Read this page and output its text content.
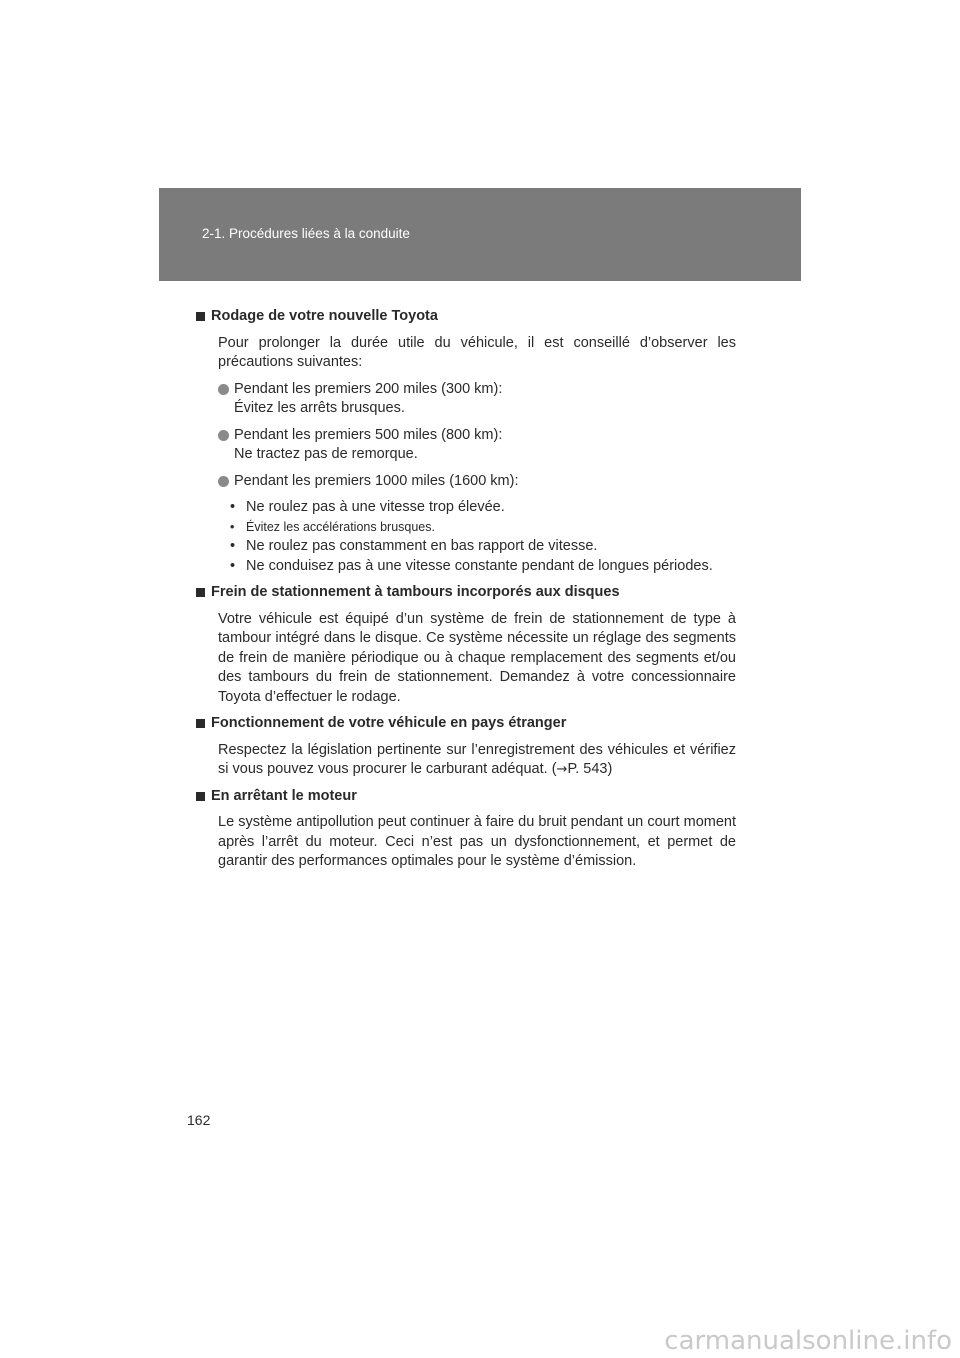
2-1. Procédures liées à la conduite
Rodage de votre nouvelle Toyota
Pour prolonger la durée utile du véhicule, il est conseillé d’observer les précautions suivantes:
Pendant les premiers 200 miles (300 km):
Évitez les arrêts brusques.
Pendant les premiers 500 miles (800 km):
Ne tractez pas de remorque.
Pendant les premiers 1000 miles (1600 km):
• Ne roulez pas à une vitesse trop élevée.
• Évitez les accélérations brusques.
• Ne roulez pas constamment en bas rapport de vitesse.
• Ne conduisez pas à une vitesse constante pendant de longues périodes.
Frein de stationnement à tambours incorporés aux disques
Votre véhicule est équipé d’un système de frein de stationnement de type à tambour intégré dans le disque. Ce système nécessite un réglage des segments de frein de manière périodique ou à chaque remplacement des segments et/ou des tambours du frein de stationnement. Demandez à votre concessionnaire Toyota d’effectuer le rodage.
Fonctionnement de votre véhicule en pays étranger
Respectez la législation pertinente sur l’enregistrement des véhicules et vérifiez si vous pouvez vous procurer le carburant adéquat. (→P. 543)
En arrêtant le moteur
Le système antipollution peut continuer à faire du bruit pendant un court moment après l’arrêt du moteur. Ceci n’est pas un dysfonctionnement, et permet de garantir des performances optimales pour le système d’émission.
162
carmanualsonline.info
